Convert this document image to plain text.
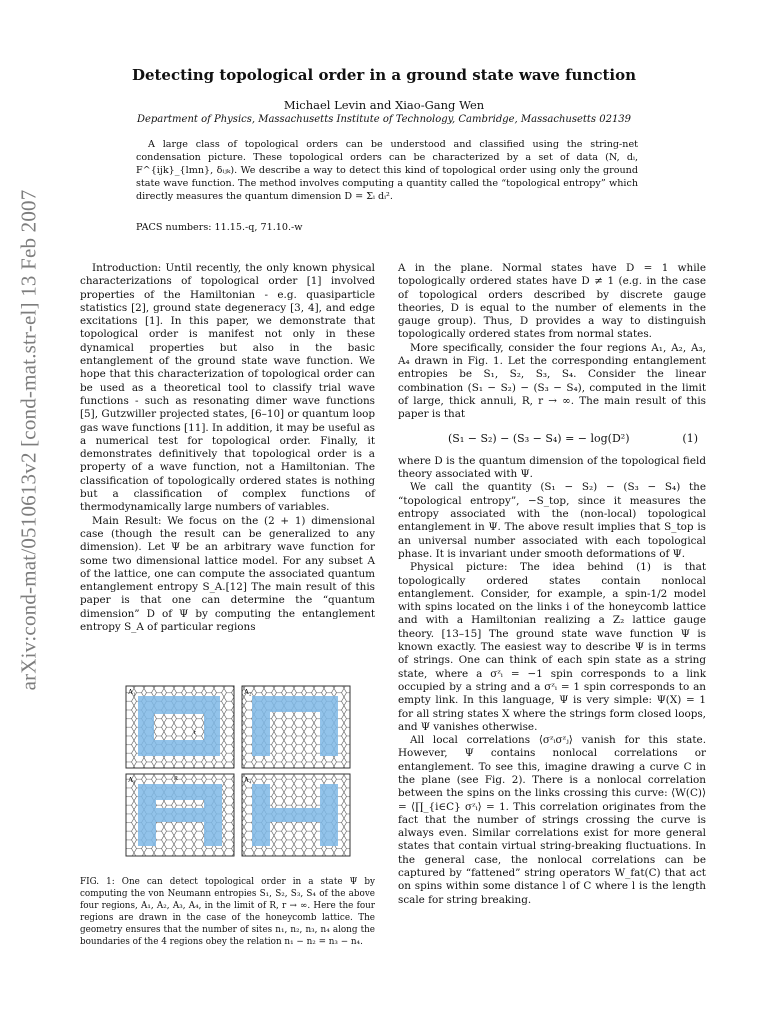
arXiv:cond-mat/0510613v2 [cond-mat.str-el] 13 Feb 2007
Detecting topological order in a ground state wave function
Michael Levin and Xiao-Gang Wen
Department of Physics, Massachusetts Institute of Technology, Cambridge, Massachusetts 02139
A large class of topological orders can be understood and classified using the string-net condensation picture. These topological orders can be characterized by a set of data (N, dᵢ, F^{ijk}_{lmn}, δᵢⱼₖ). We describe a way to detect this kind of topological order using only the ground state wave function. The method involves computing a quantity called the “topological entropy” which directly measures the quantum dimension D = Σᵢ dᵢ².
PACS numbers: 11.15.-q, 71.10.-w

Introduction: Until recently, the only known physical characterizations of topological order [1] involved properties of the Hamiltonian - e.g. quasiparticle statistics [2], ground state degeneracy [3, 4], and edge excitations [1]. In this paper, we demonstrate that topological order is manifest not only in these dynamical properties but also in the basic entanglement of the ground state wave function. We hope that this characterization of topological order can be used as a theoretical tool to classify trial wave functions - such as resonating dimer wave functions [5], Gutzwiller projected states, [6–10] or quantum loop gas wave functions [11]. In addition, it may be useful as a numerical test for topological order. Finally, it demonstrates definitively that topological order is a property of a wave function, not a Hamiltonian. The classification of topologically ordered states is nothing but a classification of complex functions of thermodynamically large numbers of variables.

Main Result: We focus on the (2 + 1) dimensional case (though the result can be generalized to any dimension). Let Ψ be an arbitrary wave function for some two dimensional lattice model. For any subset A of the lattice, one can compute the associated quantum entanglement entropy S_A.[12] The main result of this paper is that one can determine the “quantum dimension” D of Ψ by computing the entanglement entropy S_A of particular regions

A₁
r
A₂
A₃	A₄

FIG. 1: One can detect topological order in a state Ψ by computing the von Neumann entropies S₁, S₂, S₃, S₄ of the above four regions, A₁, A₂, A₃, A₄, in the limit of R, r → ∞. Here the four regions are drawn in the case of the honeycomb lattice. The geometry ensures that the number of sites n₁, n₂, n₃, n₄ along the boundaries of the 4 regions obey the relation n₁ − n₂ = n₃ − n₄.

A in the plane. Normal states have D = 1 while topologically ordered states have D ≠ 1 (e.g. in the case of topological orders described by discrete gauge theories, D is equal to the number of elements in the gauge group). Thus, D provides a way to distinguish topologically ordered states from normal states.

More specifically, consider the four regions A₁, A₂, A₃, A₄ drawn in Fig. 1. Let the corresponding entanglement entropies be S₁, S₂, S₃, S₄. Consider the linear combination (S₁ − S₂) − (S₃ − S₄), computed in the limit of large, thick annuli, R, r → ∞. The main result of this paper is that

(S₁ − S₂) − (S₃ − S₄) = − log(D²)	(1)

where D is the quantum dimension of the topological field theory associated with Ψ.

We call the quantity (S₁ − S₂) − (S₃ − S₄) the “topological entropy”, −S_top, since it measures the entropy associated with the (non-local) topological entanglement in Ψ. The above result implies that S_top is an universal number associated with each topological phase. It is invariant under smooth deformations of Ψ.

Physical picture: The idea behind (1) is that topologically ordered states contain nonlocal entanglement. Consider, for example, a spin-1/2 model with spins located on the links i of the honeycomb lattice and with a Hamiltonian realizing a Z₂ lattice gauge theory. [13–15] The ground state wave function Ψ is known exactly. The easiest way to describe Ψ is in terms of strings. One can think of each spin state as a string state, where a σᶻᵢ = −1 spin corresponds to a link occupied by a string and a σᶻᵢ = 1 spin corresponds to an empty link. In this language, Ψ is very simple: Ψ(X) = 1 for all string states X where the strings form closed loops, and Ψ vanishes otherwise.

All local correlations ⟨σᶻᵢσᶻⱼ⟩ vanish for this state. However, Ψ contains nonlocal correlations or entanglement. To see this, imagine drawing a curve C in the plane (see Fig. 2). There is a nonlocal correlation between the spins on the links crossing this curve: ⟨W(C)⟩ = ⟨∏_{i∈C} σᶻᵢ⟩ = 1. This correlation originates from the fact that the number of strings crossing the curve is always even. Similar correlations exist for more general states that contain virtual string-breaking fluctuations. In the general case, the nonlocal correlations can be captured by “fattened” string operators W_fat(C) that act on spins within some distance l of C where l is the length scale for string breaking.
